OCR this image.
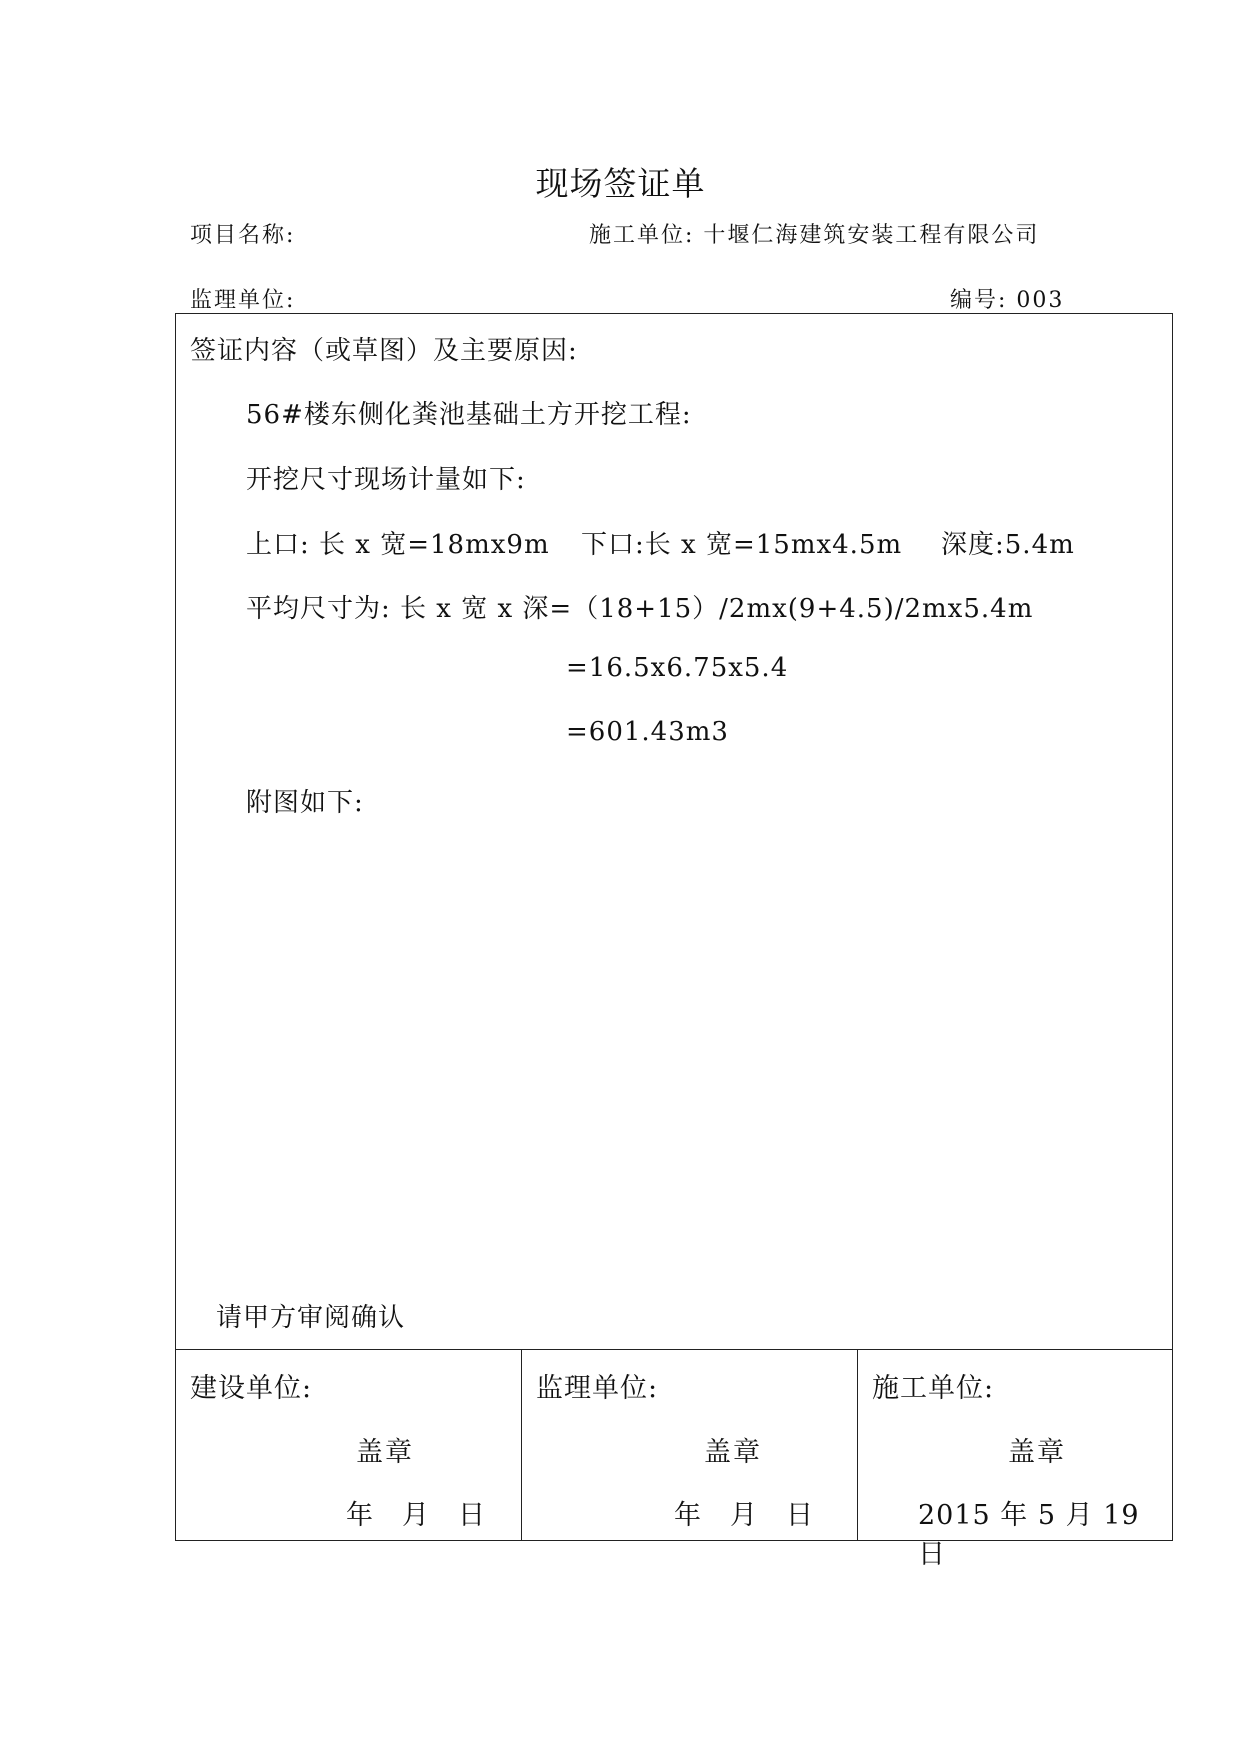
现场签证单
项目名称:	施工单位: 十堰仁海建筑安装工程有限公司
监理单位:	编号: 003
签证内容（或草图）及主要原因:
56#楼东侧化粪池基础土方开挖工程:
开挖尺寸现场计量如下:
上口: 长 x 宽=18mx9m 下口:长 x 宽=15mx4.5m 深度:5.4m
平均尺寸为: 长 x 宽 x 深=（18+15）/2mx(9+4.5)/2mx5.4m
=16.5x6.75x5.4
=601.43m3
附图如下:
请甲方审阅确认
建设单位:
盖章
年　月　日
监理单位:
盖章
年　月　日
施工单位:
盖章
2015 年 5 月 19 日
